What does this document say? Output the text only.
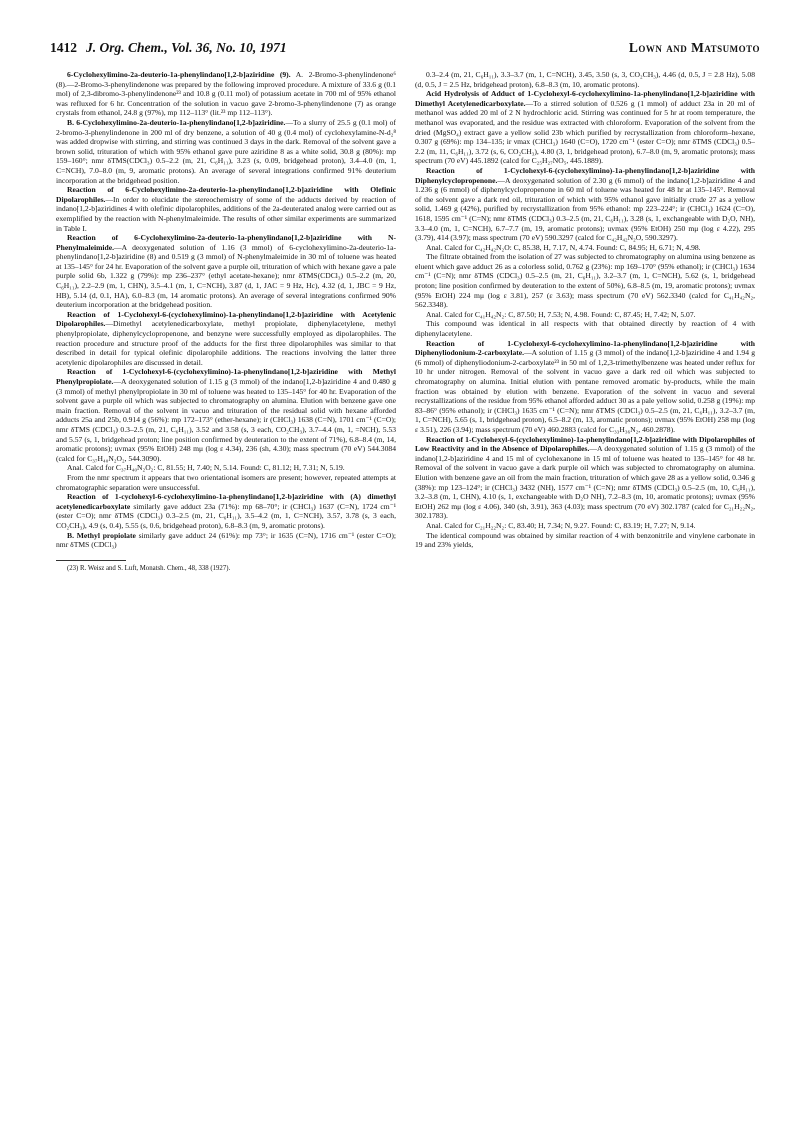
1412 J. Org. Chem., Vol. 36, No. 10, 1971	Lown and Matsumoto

6-Cyclohexylimino-2a-deuterio-1a-phenylindano[1,2-b]aziridine (9). A. 2-Bromo-3-phenylindenone⁶ (8).—2-Bromo-3-phenylindenone was prepared by the following improved procedure. A mixture of 33.6 g (0.1 mol) of 2,3-dibromo-3-phenylindenone²³ and 10.8 g (0.11 mol) of potassium acetate in 700 ml of 95% ethanol was refluxed for 6 hr. Concentration of the solution in vacuo gave 2-bromo-3-phenylindenone (7) as orange crystals from ethanol, 24.8 g (97%), mp 112–113° (lit.²³ mp 112–113°).

B. 6-Cyclohexylimino-2a-deuterio-1a-phenylindano[1,2-b]aziridine.—To a slurry of 25.5 g (0.1 mol) of 2-bromo-3-phenylindenone in 200 ml of dry benzene, a solution of 40 g (0.4 mol) of cyclohexylamine-N-d₂⁸ was added dropwise with stirring, and stirring was continued 3 days in the dark. Removal of the solvent gave a brown solid, trituration of which with 95% ethanol gave pure aziridine 8 as a white solid, 30.8 g (80%): mp 159–160°; nmr δTMS(CDCl₃) 0.5–2.2 (m, 21, C₆H₁₁), 3.23 (s, 0.09, bridgehead proton), 3.4–4.0 (m, 1, C=NCH), 7.0–8.0 (m, 9, aromatic protons). An average of several integrations confirmed 91% deuterium incorporation at the bridgehead position.

Reaction of 6-Cyclohexylimino-2a-deuterio-1a-phenylindano[1,2-b]aziridine with Olefinic Dipolarophiles.—In order to elucidate the stereochemistry of some of the adducts derived by reaction of indano[1,2-b]aziridines 4 with olefinic dipolarophiles, additions of the 2a-deuterated analog were carried out as exemplified by the reaction with N-phenylmaleimide. The results of other similar experiments are summarized in Table I.

Reaction of 6-Cyclohexylimino-2a-deuterio-1a-phenylindano[1,2-b]aziridine with N-Phenylmaleimide.—A deoxygenated solution of 1.16 (3 mmol) of 6-cyclohexylimino-2a-deuterio-1a-phenylindano[1,2-b]aziridine (8) and 0.519 g (3 mmol) of N-phenylmaleimide in 30 ml of toluene was heated at 135–145° for 24 hr. Evaporation of the solvent gave a purple oil, trituration of which with hexane gave a pale purple solid 6b, 1.322 g (79%): mp 236–237° (ethyl acetate-hexane); nmr δTMS(CDCl₃) 0.5–2.2 (m, 20, C₆H₁₁), 2.2–2.9 (m, 1, CHN), 3.5–4.1 (m, 1, C=NCH), 3.87 (d, 1, JAC = 9 Hz, Hc), 4.32 (d, 1, JBC = 9 Hz, HB), 5.14 (d, 0.1, HA), 6.0–8.3 (m, 14 aromatic protons). An average of several integrations confirmed 90% deuterium incorporation at the bridgehead position.

Reaction of 1-Cyclohexyl-6-(cyclohexylimino)-1a-phenylindano[1,2-b]aziridine with Acetylenic Dipolarophiles.—Dimethyl acetylenedicarboxylate, methyl propiolate, diphenylacetylene, methyl phenylpropiolate, diphenylcyclopropenone, and benzyne were successfully employed as dipolarophiles. The reaction procedure and structure proof of the adducts for the first three dipolarophiles was similar to that described in detail for typical olefinic dipolarophile additions. The reactions involving the latter three acetylenic dipolarophiles are discussed in detail.

Reaction of 1-Cyclohexyl-6-(cyclohexylimino)-1a-phenylindano[1,2-b]aziridine with Methyl Phenylpropiolate.—A deoxygenated solution of 1.15 g (3 mmol) of the indano[1,2-b]aziridine 4 and 0.480 g (3 mmol) of methyl phenylpropiolate in 30 ml of toluene was heated to 135–145° for 40 hr. Evaporation of the solvent gave a purple oil which was subjected to chromatography on alumina. Elution with benzene gave one main fraction. Removal of the solvent in vacuo and trituration of the residual solid with hexane afforded adducts 25a and 25b, 0.914 g (56%): mp 172–173° (ether-hexane); ir (CHCl₃) 1638 (C=N), 1701 cm⁻¹ (C=O); nmr δTMS (CDCl₃) 0.3–2.5 (m, 21, C₆H₁₁), 3.52 and 3.58 (s, 3 each, CO₂CH₃), 3.7–4.4 (m, 1, =NCH), 5.53 and 5.57 (s, 1, bridgehead proton; line position confirmed by deuteration to the extent of 71%), 6.8–8.4 (m, 14, aromatic protons); uvmax (95% EtOH) 248 mμ (log ε 4.34), 236 (sh, 4.30); mass spectrum (70 eV) 544.3084 (calcd for C₃₇H₄₀N₂O₂, 544.3090).

Anal. Calcd for C₃₇H₄₀N₂O₂: C, 81.55; H, 7.40; N, 5.14. Found: C, 81.12; H, 7.31; N, 5.19.

From the nmr spectrum it appears that two orientational isomers are present; however, repeated attempts at chromatographic separation were unsuccessful.

Reaction of 1-cyclohexyl-6-cyclohexylimino-1a-phenylindano[1,2-b]aziridine with (A) dimethyl acetylenedicarboxylate similarly gave adduct 23a (71%): mp 68–70°; ir (CHCl₃) 1637 (C=N), 1724 cm⁻¹ (ester C=O); nmr δTMS (CDCl₃) 0.3–2.5 (m, 21, C₆H₁₁), 3.5–4.2 (m, 1, C=NCH), 3.57, 3.78 (s, 3 each, CO₂CH₃), 4.9 (s, 0.4), 5.55 (s, 0.6, bridgehead proton), 6.8–8.3 (m, 9, aromatic protons).

B. Methyl propiolate similarly gave adduct 24 (61%): mp 73°; ir 1635 (C=N), 1716 cm⁻¹ (ester C=O); nmr δTMS (CDCl₃)

(23) R. Weisz and S. Luft, Monatsh. Chem., 48, 338 (1927).

0.3–2.4 (m, 21, C₆H₁₁), 3.3–3.7 (m, 1, C=NCH), 3.45, 3.50 (s, 3, CO₂CH₃), 4.46 (d, 0.5, J = 2.8 Hz), 5.08 (d, 0.5, J = 2.5 Hz, bridgehead proton), 6.8–8.3 (m, 10, aromatic protons).

Acid Hydrolysis of Adduct of 1-Cyclohexyl-6-cyclohexylimino-1a-phenylindano[1,2-b]aziridine with Dimethyl Acetylenedicarboxylate.—To a stirred solution of 0.526 g (1 mmol) of adduct 23a in 20 ml of methanol was added 20 ml of 2 N hydrochloric acid. Stirring was continued for 5 hr at room temperature, the methanol was evaporated, and the residue was extracted with chloroform. Evaporation of the solvent from the dried (MgSO₄) extract gave a yellow solid 23b which purified by recrystallization from chloroform–hexane, 0.307 g (69%): mp 134–135; ir νmax (CHCl₃) 1640 (C=O), 1720 cm⁻¹ (ester C=O); nmr δTMS (CDCl₃) 0.5–2.2 (m, 11, C₆H₁₁), 3.72 (s, 6, CO₂CH₃), 4.80 (3, 1, bridgehead proton), 6.7–8.0 (m, 9, aromatic protons); mass spectrum (70 eV) 445.1892 (calcd for C₂₅H₂₇NO₅, 445.1889).

Reaction of 1-Cyclohexyl-6-(cyclohexylimino)-1a-phenylindano[1,2-b]aziridine with Diphenylcyclopropenone.—A deoxygenated solution of 2.30 g (6 mmol) of the indano[1,2-b]aziridine 4 and 1.236 g (6 mmol) of diphenylcyclopropenone in 60 ml of toluene was heated for 48 hr at 135–145°. Removal of the solvent gave a dark red oil, trituration of which with 95% ethanol gave initially crude 27 as a yellow solid, 1.469 g (42%), purified by recrystallization from 95% ethanol: mp 223–224°; ir (CHCl₃) 1624 (C=O), 1618, 1595 cm⁻¹ (C=N); nmr δTMS (CDCl₃) 0.3–2.5 (m, 21, C₆H₁₁), 3.28 (s, 1, exchangeable with D₂O, NH), 3.3–4.0 (m, 1, C=NCH), 6.7–7.7 (m, 19, aromatic protons); uvmax (95% EtOH) 250 mμ (log ε 4.22), 295 (3.79), 414 (3.97); mass spectrum (70 eV) 590.3297 (calcd for C₄₂H₄₂N₂O, 590.3297).

Anal. Calcd for C₄₂H₄₂N₂O: C, 85.38, H, 7.17, N, 4.74. Found: C, 84.95; H, 6.71; N, 4.98.

The filtrate obtained from the isolation of 27 was subjected to chromatography on alumina using benzene as eluent which gave adduct 26 as a colorless solid, 0.762 g (23%): mp 169–170° (95% ethanol); ir (CHCl₃) 1634 cm⁻¹ (C=N); nmr δTMS (CDCl₃) 0.5–2.5 (m, 21, C₆H₁₁), 3.2–3.7 (m, 1, C=NCH), 5.62 (s, 1, bridgehead proton; line position confirmed by deuteration to the extent of 50%), 6.8–8.5 (m, 19, aromatic protons); uvmax (95% EtOH) 224 mμ (log ε 3.81), 257 (ε 3.63); mass spectrum (70 eV) 562.3340 (calcd for C₄₁H₄₂N₂, 562.3348).

Anal. Calcd for C₄₁H₄₂N₂: C, 87.50; H, 7.53; N, 4.98. Found: C, 87.45; H, 7.42; N, 5.07.

This compound was identical in all respects with that obtained directly by reaction of 4 with diphenylacetylene.

Reaction of 1-Cyclohexyl-6-cyclohexylimino-1a-phenylindano[1,2-b]aziridine with Diphenyliodonium-2-carboxylate.—A solution of 1.15 g (3 mmol) of the indano[1,2-b]aziridine 4 and 1.94 g (6 mmol) of diphenyliodonium-2-carboxylate²³ in 50 ml of 1,2,3-trimethylbenzene was heated under reflux for 10 hr under nitrogen. Removal of the solvent in vacuo gave a dark red oil which was subjected to chromatography on alumina. Initial elution with pentane removed aromatic by-products, while the main fraction was obtained by elution with benzene. Evaporation of the solvent in vacuo and several recrystallizations of the residue from 95% ethanol afforded adduct 30 as a pale yellow solid, 0.258 g (19%): mp 83–86° (95% ethanol); ir (CHCl₃) 1635 cm⁻¹ (C=N); nmr δTMS (CDCl₃) 0.5–2.5 (m, 21, C₆H₁₁), 3.2–3.7 (m, 1, C=NCH), 5.65 (s, 1, bridgehead proton), 6.5–8.2 (m, 13, aromatic protons); uvmax (95% EtOH) 258 mμ (log ε 3.51), 226 (3.94); mass spectrum (70 eV) 460.2883 (calcd for C₃₃H₃₆N₂, 460.2878).

Reaction of 1-Cyclohexyl-6-(cyclohexylimino)-1a-phenylindano[1,2-b]aziridine with Dipolarophiles of Low Reactivity and in the Absence of Dipolarophiles.—A deoxygenated solution of 1.15 g (3 mmol) of the indano[1,2-b]aziridine 4 and 15 ml of cyclohexanone in 15 ml of toluene was heated to 135–145° for 48 hr. Removal of the solvent in vacuo gave a dark purple oil which was subjected to chromatography on alumina. Elution with benzene gave an oil from the main fraction, trituration of which gave 28 as a yellow solid, 0.346 g (38%): mp 123–124°; ir (CHCl₃) 3432 (NH), 1577 cm⁻¹ (C=N); nmr δTMS (CDCl₃) 0.5–2.5 (m, 10, C₆H₁₁), 3.2–3.8 (m, 1, CHN), 4.10 (s, 1, exchangeable with D₂O NH), 7.2–8.3 (m, 10, aromatic protons); uvmax (95% EtOH) 262 mμ (log ε 4.06), 340 (sh, 3.91), 363 (4.03); mass spectrum (70 eV) 302.1787 (calcd for C₂₁H₂₂N₂, 302.1783).

Anal. Calcd for C₂₁H₂₂N₂: C, 83.40; H, 7.34; N, 9.27. Found: C, 83.19; H, 7.27; N, 9.14.

The identical compound was obtained by similar reaction of 4 with benzonitrile and vinylene carbonate in 19 and 23% yields,
